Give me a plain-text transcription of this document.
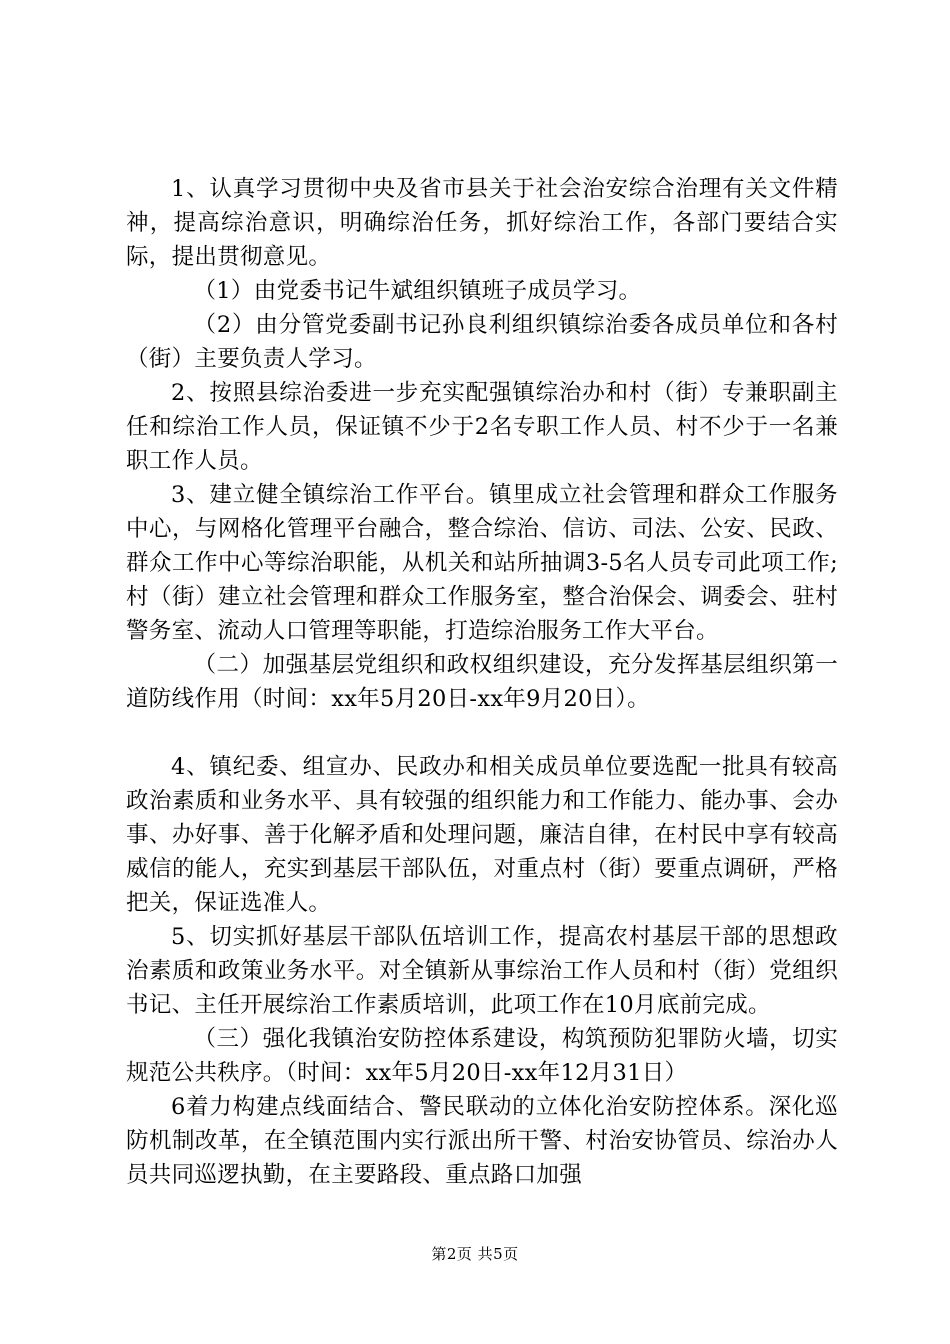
1、认真学习贯彻中央及省市县关于社会治安综合治理有关文件精神，提高综治意识，明确综治任务，抓好综治工作，各部门要结合实际，提出贯彻意见。

（1）由党委书记牛斌组织镇班子成员学习。

（2）由分管党委副书记孙良利组织镇综治委各成员单位和各村（街）主要负责人学习。

2、按照县综治委进一步充实配强镇综治办和村（街）专兼职副主任和综治工作人员，保证镇不少于2名专职工作人员、村不少于一名兼职工作人员。

3、建立健全镇综治工作平台。镇里成立社会管理和群众工作服务中心，与网格化管理平台融合，整合综治、信访、司法、公安、民政、群众工作中心等综治职能，从机关和站所抽调3-5名人员专司此项工作;村（街）建立社会管理和群众工作服务室，整合治保会、调委会、驻村警务室、流动人口管理等职能，打造综治服务工作大平台。

（二）加强基层党组织和政权组织建设，充分发挥基层组织第一道防线作用（时间：xx年5月20日-xx年9月20日）。

4、镇纪委、组宣办、民政办和相关成员单位要选配一批具有较高政治素质和业务水平、具有较强的组织能力和工作能力、能办事、会办事、办好事、善于化解矛盾和处理问题，廉洁自律，在村民中享有较高威信的能人，充实到基层干部队伍，对重点村（街）要重点调研，严格把关，保证选准人。

5、切实抓好基层干部队伍培训工作，提高农村基层干部的思想政治素质和政策业务水平。对全镇新从事综治工作人员和村（街）党组织书记、主任开展综治工作素质培训，此项工作在10月底前完成。

（三）强化我镇治安防控体系建设，构筑预防犯罪防火墙，切实规范公共秩序。（时间：xx年5月20日-xx年12月31日）

6着力构建点线面结合、警民联动的立体化治安防控体系。深化巡防机制改革，在全镇范围内实行派出所干警、村治安协管员、综治办人员共同巡逻执勤，在主要路段、重点路口加强

第2页 共5页
